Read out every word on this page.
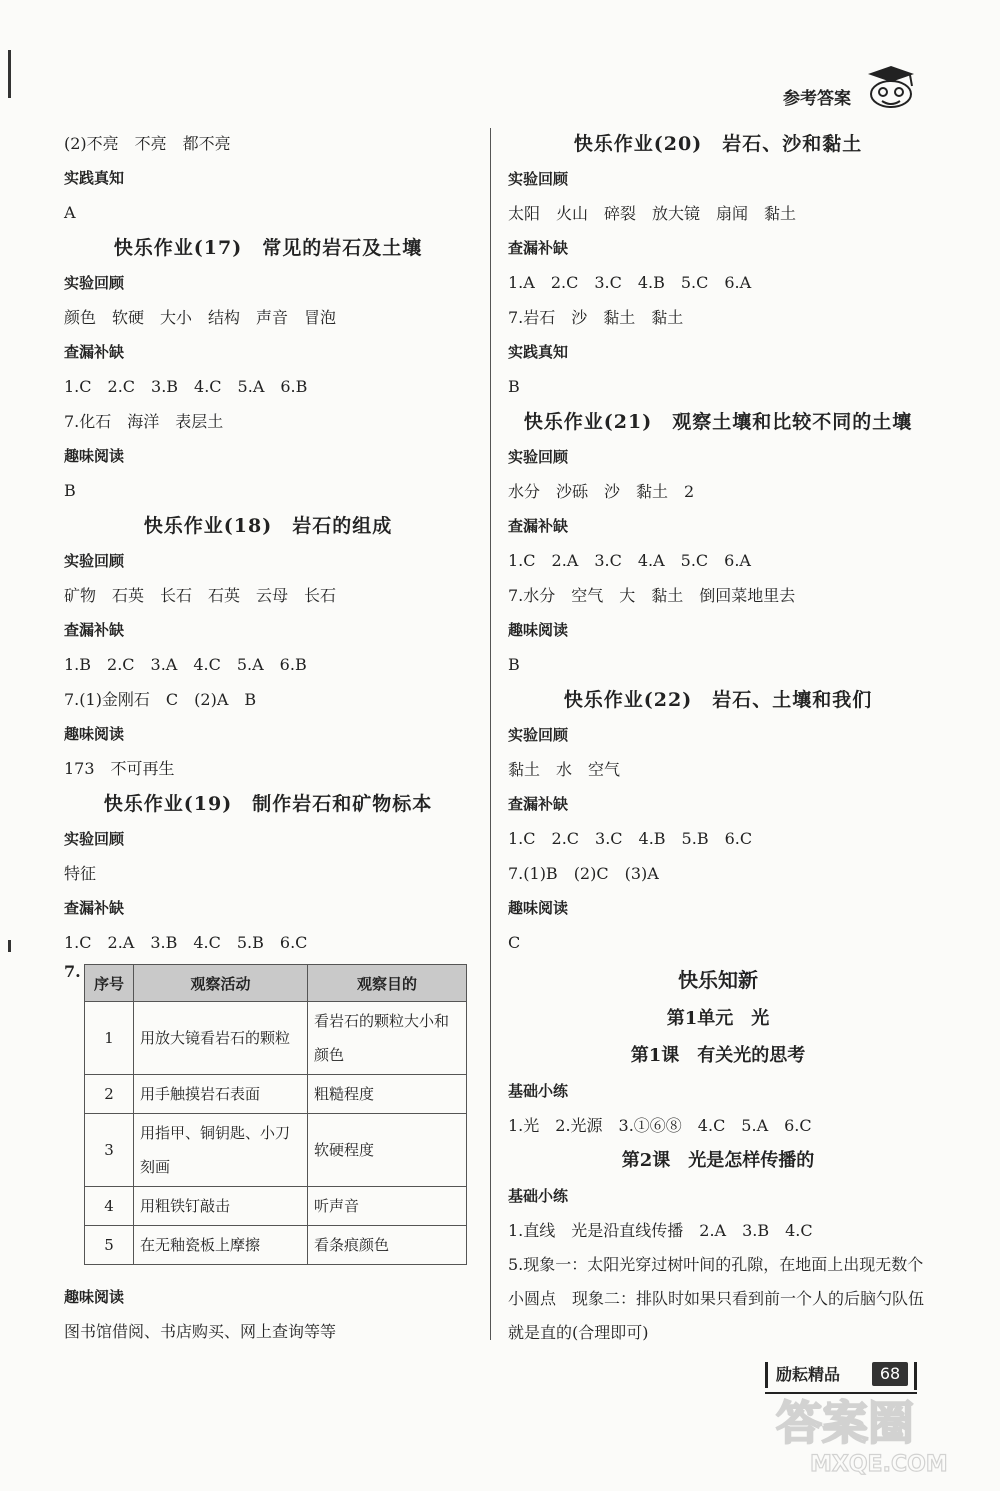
参考答案
(2)不亮　不亮　都不亮
实践真知
A
快乐作业(17)　常见的岩石及土壤
实验回顾
颜色　软硬　大小　结构　声音　冒泡
查漏补缺
1.C　2.C　3.B　4.C　5.A　6.B
7.化石　海洋　表层土
趣味阅读
B
快乐作业(18)　岩石的组成
实验回顾
矿物　石英　长石　石英　云母　长石
查漏补缺
1.B　2.C　3.A　4.C　5.A　6.B
7.(1)金刚石　C　(2)A　B
趣味阅读
173　不可再生
快乐作业(19)　制作岩石和矿物标本
实验回顾
特征
查漏补缺
1.C　2.A　3.B　4.C　5.B　6.C
7.
序号	观察活动	观察目的
1	用放大镜看岩石的颗粒	看岩石的颗粒大小和颜色
2	用手触摸岩石表面	粗糙程度
3	用指甲、铜钥匙、小刀刻画	软硬程度
4	用粗铁钉敲击	听声音
5	在无釉瓷板上摩擦	看条痕颜色
趣味阅读
图书馆借阅、书店购买、网上查询等等
快乐作业(20)　岩石、沙和黏土
实验回顾
太阳　火山　碎裂　放大镜　扇闻　黏土
查漏补缺
1.A　2.C　3.C　4.B　5.C　6.A
7.岩石　沙　黏土　黏土
实践真知
B
快乐作业(21)　观察土壤和比较不同的土壤
实验回顾
水分　沙砾　沙　黏土　2
查漏补缺
1.C　2.A　3.C　4.A　5.C　6.A
7.水分　空气　大　黏土　倒回菜地里去
趣味阅读
B
快乐作业(22)　岩石、土壤和我们
实验回顾
黏土　水　空气
查漏补缺
1.C　2.C　3.C　4.B　5.B　6.C
7.(1)B　(2)C　(3)A
趣味阅读
C
快乐知新
第1单元　光
第1课　有关光的思考
基础小练
1.光　2.光源　3.①⑥⑧　4.C　5.A　6.C
第2课　光是怎样传播的
基础小练
1.直线　光是沿直线传播　2.A　3.B　4.C
5.现象一：太阳光穿过树叶间的孔隙，在地面上出现无数个小圆点　现象二：排队时如果只看到前一个人的后脑勺队伍就是直的(合理即可)
励耘精品	68
答案圈
MXQE.COM
